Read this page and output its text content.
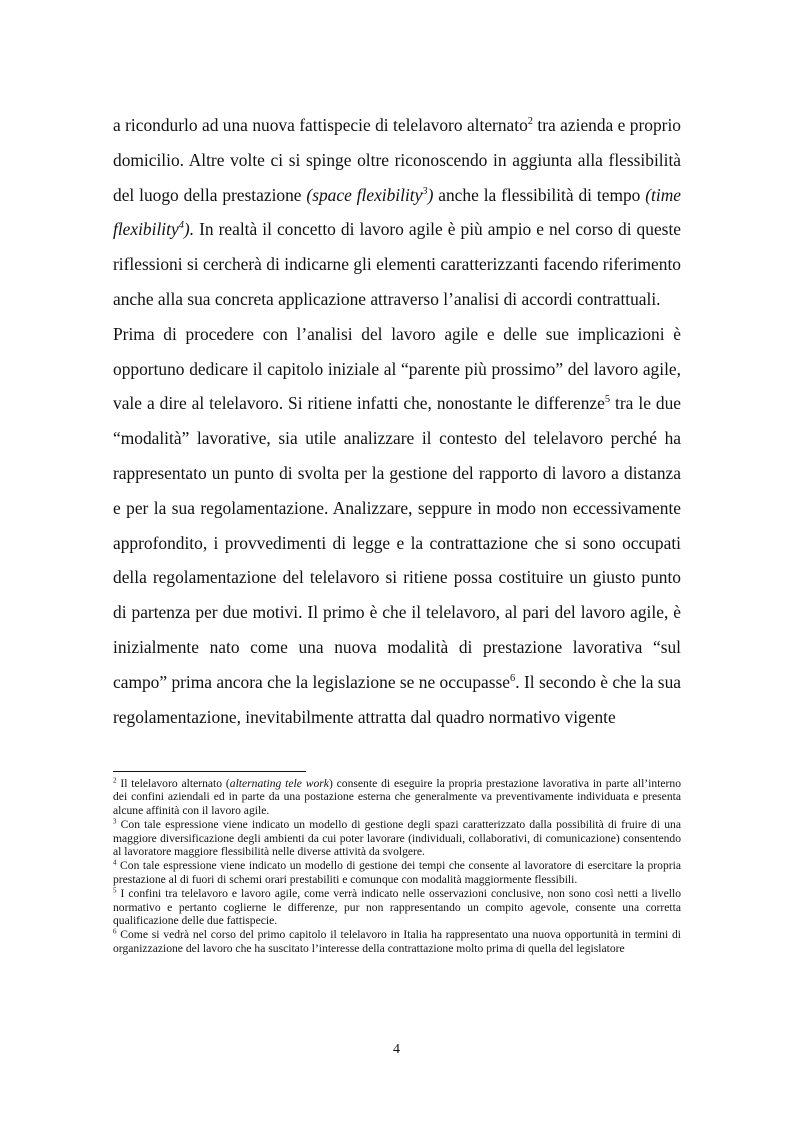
a ricondurlo ad una nuova fattispecie di telelavoro alternato$^2$ tra azienda e proprio domicilio. Altre volte ci si spinge oltre riconoscendo in aggiunta alla flessibilità del luogo della prestazione (space flexibility$^3$) anche la flessibilità di tempo (time flexibility$^4$). In realtà il concetto di lavoro agile è più ampio e nel corso di queste riflessioni si cercherà di indicarne gli elementi caratterizzanti facendo riferimento anche alla sua concreta applicazione attraverso l’analisi di accordi contrattuali.

Prima di procedere con l’analisi del lavoro agile e delle sue implicazioni è opportuno dedicare il capitolo iniziale al “parente più prossimo” del lavoro agile, vale a dire al telelavoro. Si ritiene infatti che, nonostante le differenze$^5$ tra le due “modalità” lavorative, sia utile analizzare il contesto del telelavoro perché ha rappresentato un punto di svolta per la gestione del rapporto di lavoro a distanza e per la sua regolamentazione. Analizzare, seppure in modo non eccessivamente approfondito, i provvedimenti di legge e la contrattazione che si sono occupati della regolamentazione del telelavoro si ritiene possa costituire un giusto punto di partenza per due motivi. Il primo è che il telelavoro, al pari del lavoro agile, è inizialmente nato come una nuova modalità di prestazione lavorativa “sul campo” prima ancora che la legislazione se ne occupasse$^6$. Il secondo è che la sua regolamentazione, inevitabilmente attratta dal quadro normativo vigente

$^2$ Il telelavoro alternato (alternating tele work) consente di eseguire la propria prestazione lavorativa in parte all’interno dei confini aziendali ed in parte da una postazione esterna che generalmente va preventivamente individuata e presenta alcune affinità con il lavoro agile.

$^3$ Con tale espressione viene indicato un modello di gestione degli spazi caratterizzato dalla possibilità di fruire di una maggiore diversificazione degli ambienti da cui poter lavorare (individuali, collaborativi, di comunicazione) consentendo al lavoratore maggiore flessibilità nelle diverse attività da svolgere.

$^4$ Con tale espressione viene indicato un modello di gestione dei tempi che consente al lavoratore di esercitare la propria prestazione al di fuori di schemi orari prestabiliti e comunque con modalità maggiormente flessibili.

$^5$ I confini tra telelavoro e lavoro agile, come verrà indicato nelle osservazioni conclusive, non sono così netti a livello normativo e pertanto coglierne le differenze, pur non rappresentando un compito agevole, consente una corretta qualificazione delle due fattispecie.

$^6$ Come si vedrà nel corso del primo capitolo il telelavoro in Italia ha rappresentato una nuova opportunità in termini di organizzazione del lavoro che ha suscitato l’interesse della contrattazione molto prima di quella del legislatore

4
